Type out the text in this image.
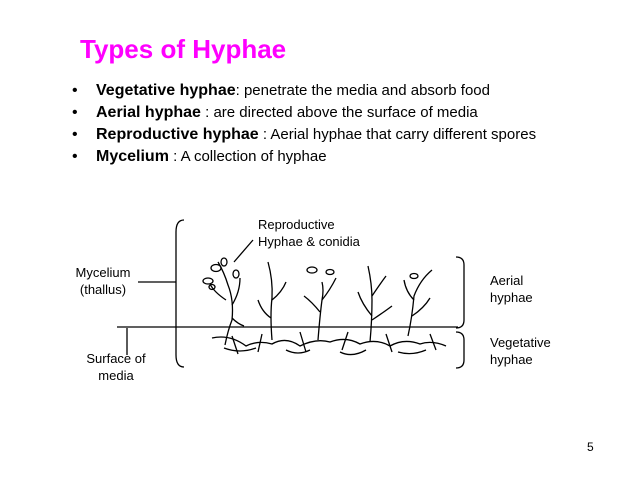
Types of Hyphae
• Vegetative hyphae: penetrate the media and absorb food
• Aerial hyphae : are directed above the surface of media
• Reproductive hyphae : Aerial hyphae that carry different spores
• Mycelium : A collection of hyphae
Reproductive
Hyphae & conidia
Mycelium
(thallus)
Surface of
media
Aerial
hyphae
Vegetative
hyphae
5
